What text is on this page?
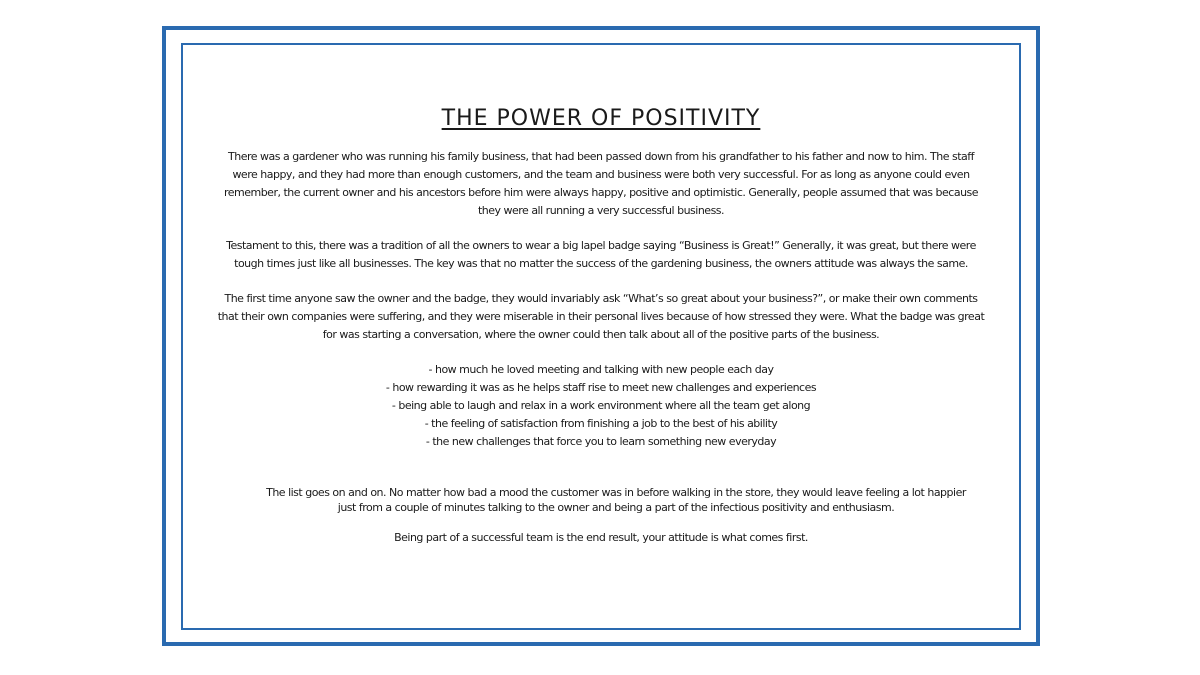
THE POWER OF POSITIVITY

There was a gardener who was running his family business, that had been passed down from his grandfather to his father and now to him. The staff were happy, and they had more than enough customers, and the team and business were both very successful. For as long as anyone could even remember, the current owner and his ancestors before him were always happy, positive and optimistic. Generally, people assumed that was because they were all running a very successful business.

Testament to this, there was a tradition of all the owners to wear a big lapel badge saying “Business is Great!” Generally, it was great, but there were tough times just like all businesses. The key was that no matter the success of the gardening business, the owners attitude was always the same.

The first time anyone saw the owner and the badge, they would invariably ask “What’s so great about your business?”, or make their own comments that their own companies were suffering, and they were miserable in their personal lives because of how stressed they were. What the badge was great for was starting a conversation, where the owner could then talk about all of the positive parts of the business.

- how much he loved meeting and talking with new people each day
- how rewarding it was as he helps staff rise to meet new challenges and experiences
- being able to laugh and relax in a work environment where all the team get along
- the feeling of satisfaction from finishing a job to the best of his ability
- the new challenges that force you to learn something new everyday

The list goes on and on. No matter how bad a mood the customer was in before walking in the store, they would leave feeling a lot happier just from a couple of minutes talking to the owner and being a part of the infectious positivity and enthusiasm.

Being part of a successful team is the end result, your attitude is what comes first.
